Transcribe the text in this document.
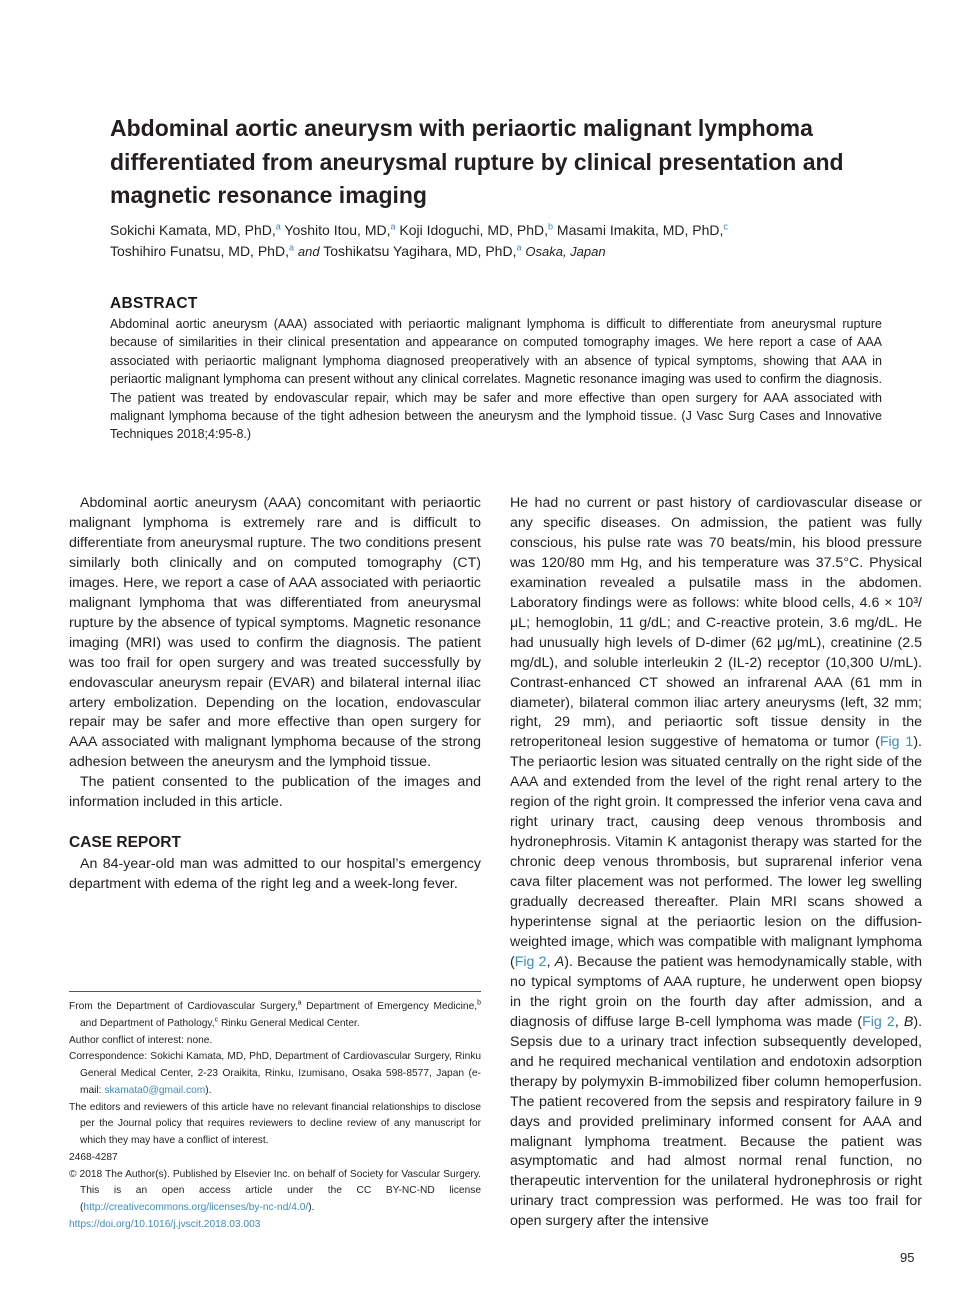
Abdominal aortic aneurysm with periaortic malignant lymphoma differentiated from aneurysmal rupture by clinical presentation and magnetic resonance imaging
Sokichi Kamata, MD, PhD,$^a$ Yoshito Itou, MD,$^a$ Koji Idoguchi, MD, PhD,$^b$ Masami Imakita, MD, PhD,$^c$
Toshihiro Funatsu, MD, PhD,$^a$ and Toshikatsu Yagihara, MD, PhD,$^a$ Osaka, Japan
ABSTRACT

Abdominal aortic aneurysm (AAA) associated with periaortic malignant lymphoma is difficult to differentiate from aneurysmal rupture because of similarities in their clinical presentation and appearance on computed tomography images. We here report a case of AAA associated with periaortic malignant lymphoma diagnosed preoperatively with an absence of typical symptoms, showing that AAA in periaortic malignant lymphoma can present without any clinical correlates. Magnetic resonance imaging was used to confirm the diagnosis. The patient was treated by endovascular repair, which may be safer and more effective than open surgery for AAA associated with malignant lymphoma because of the tight adhesion between the aneurysm and the lymphoid tissue. (J Vasc Surg Cases and Innovative Techniques 2018;4:95-8.)

Abdominal aortic aneurysm (AAA) concomitant with periaortic malignant lymphoma is extremely rare and is difficult to differentiate from aneurysmal rupture. The two conditions present similarly both clinically and on computed tomography (CT) images. Here, we report a case of AAA associated with periaortic malignant lymphoma that was differentiated from aneurysmal rupture by the absence of typical symptoms. Magnetic resonance imaging (MRI) was used to confirm the diagnosis. The patient was too frail for open surgery and was treated successfully by endovascular aneurysm repair (EVAR) and bilateral internal iliac artery embolization. Depending on the location, endovascular repair may be safer and more effective than open surgery for AAA associated with malignant lymphoma because of the strong adhesion between the aneurysm and the lymphoid tissue.

The patient consented to the publication of the images and information included in this article.

CASE REPORT

An 84-year-old man was admitted to our hospital’s emergency department with edema of the right leg and a week-long fever.

He had no current or past history of cardiovascular disease or any specific diseases. On admission, the patient was fully conscious, his pulse rate was 70 beats/min, his blood pressure was 120/80 mm Hg, and his temperature was 37.5°C. Physical examination revealed a pulsatile mass in the abdomen. Laboratory findings were as follows: white blood cells, 4.6 × 10³/μL; hemoglobin, 11 g/dL; and C-reactive protein, 3.6 mg/dL. He had unusually high levels of D-dimer (62 μg/mL), creatinine (2.5 mg/dL), and soluble interleukin 2 (IL-2) receptor (10,300 U/mL). Contrast-enhanced CT showed an infrarenal AAA (61 mm in diameter), bilateral common iliac artery aneurysms (left, 32 mm; right, 29 mm), and periaortic soft tissue density in the retroperitoneal lesion suggestive of hematoma or tumor (Fig 1). The periaortic lesion was situated centrally on the right side of the AAA and extended from the level of the right renal artery to the region of the right groin. It compressed the inferior vena cava and right urinary tract, causing deep venous thrombosis and hydronephrosis. Vitamin K antagonist therapy was started for the chronic deep venous thrombosis, but suprarenal inferior vena cava filter placement was not performed. The lower leg swelling gradually decreased thereafter. Plain MRI scans showed a hyperintense signal at the periaortic lesion on the diffusion-weighted image, which was compatible with malignant lymphoma (Fig 2, A). Because the patient was hemodynamically stable, with no typical symptoms of AAA rupture, he underwent open biopsy in the right groin on the fourth day after admission, and a diagnosis of diffuse large B-cell lymphoma was made (Fig 2, B). Sepsis due to a urinary tract infection subsequently developed, and he required mechanical ventilation and endotoxin adsorption therapy by polymyxin B-immobilized fiber column hemoperfusion. The patient recovered from the sepsis and respiratory failure in 9 days and provided preliminary informed consent for AAA and malignant lymphoma treatment. Because the patient was asymptomatic and had almost normal renal function, no therapeutic intervention for the unilateral hydronephrosis or right urinary tract compression was performed. He was too frail for open surgery after the intensive

From the Department of Cardiovascular Surgery,$^a$ Department of Emergency Medicine,$^b$ and Department of Pathology,$^c$ Rinku General Medical Center.

Author conflict of interest: none.

Correspondence: Sokichi Kamata, MD, PhD, Department of Cardiovascular Surgery, Rinku General Medical Center, 2-23 Oraikita, Rinku, Izumisano, Osaka 598-8577, Japan (e-mail: skamata0@gmail.com).

The editors and reviewers of this article have no relevant financial relationships to disclose per the Journal policy that requires reviewers to decline review of any manuscript for which they may have a conflict of interest.

2468-4287

© 2018 The Author(s). Published by Elsevier Inc. on behalf of Society for Vascular Surgery. This is an open access article under the CC BY-NC-ND license (http://creativecommons.org/licenses/by-nc-nd/4.0/).

https://doi.org/10.1016/j.jvscit.2018.03.003

95
